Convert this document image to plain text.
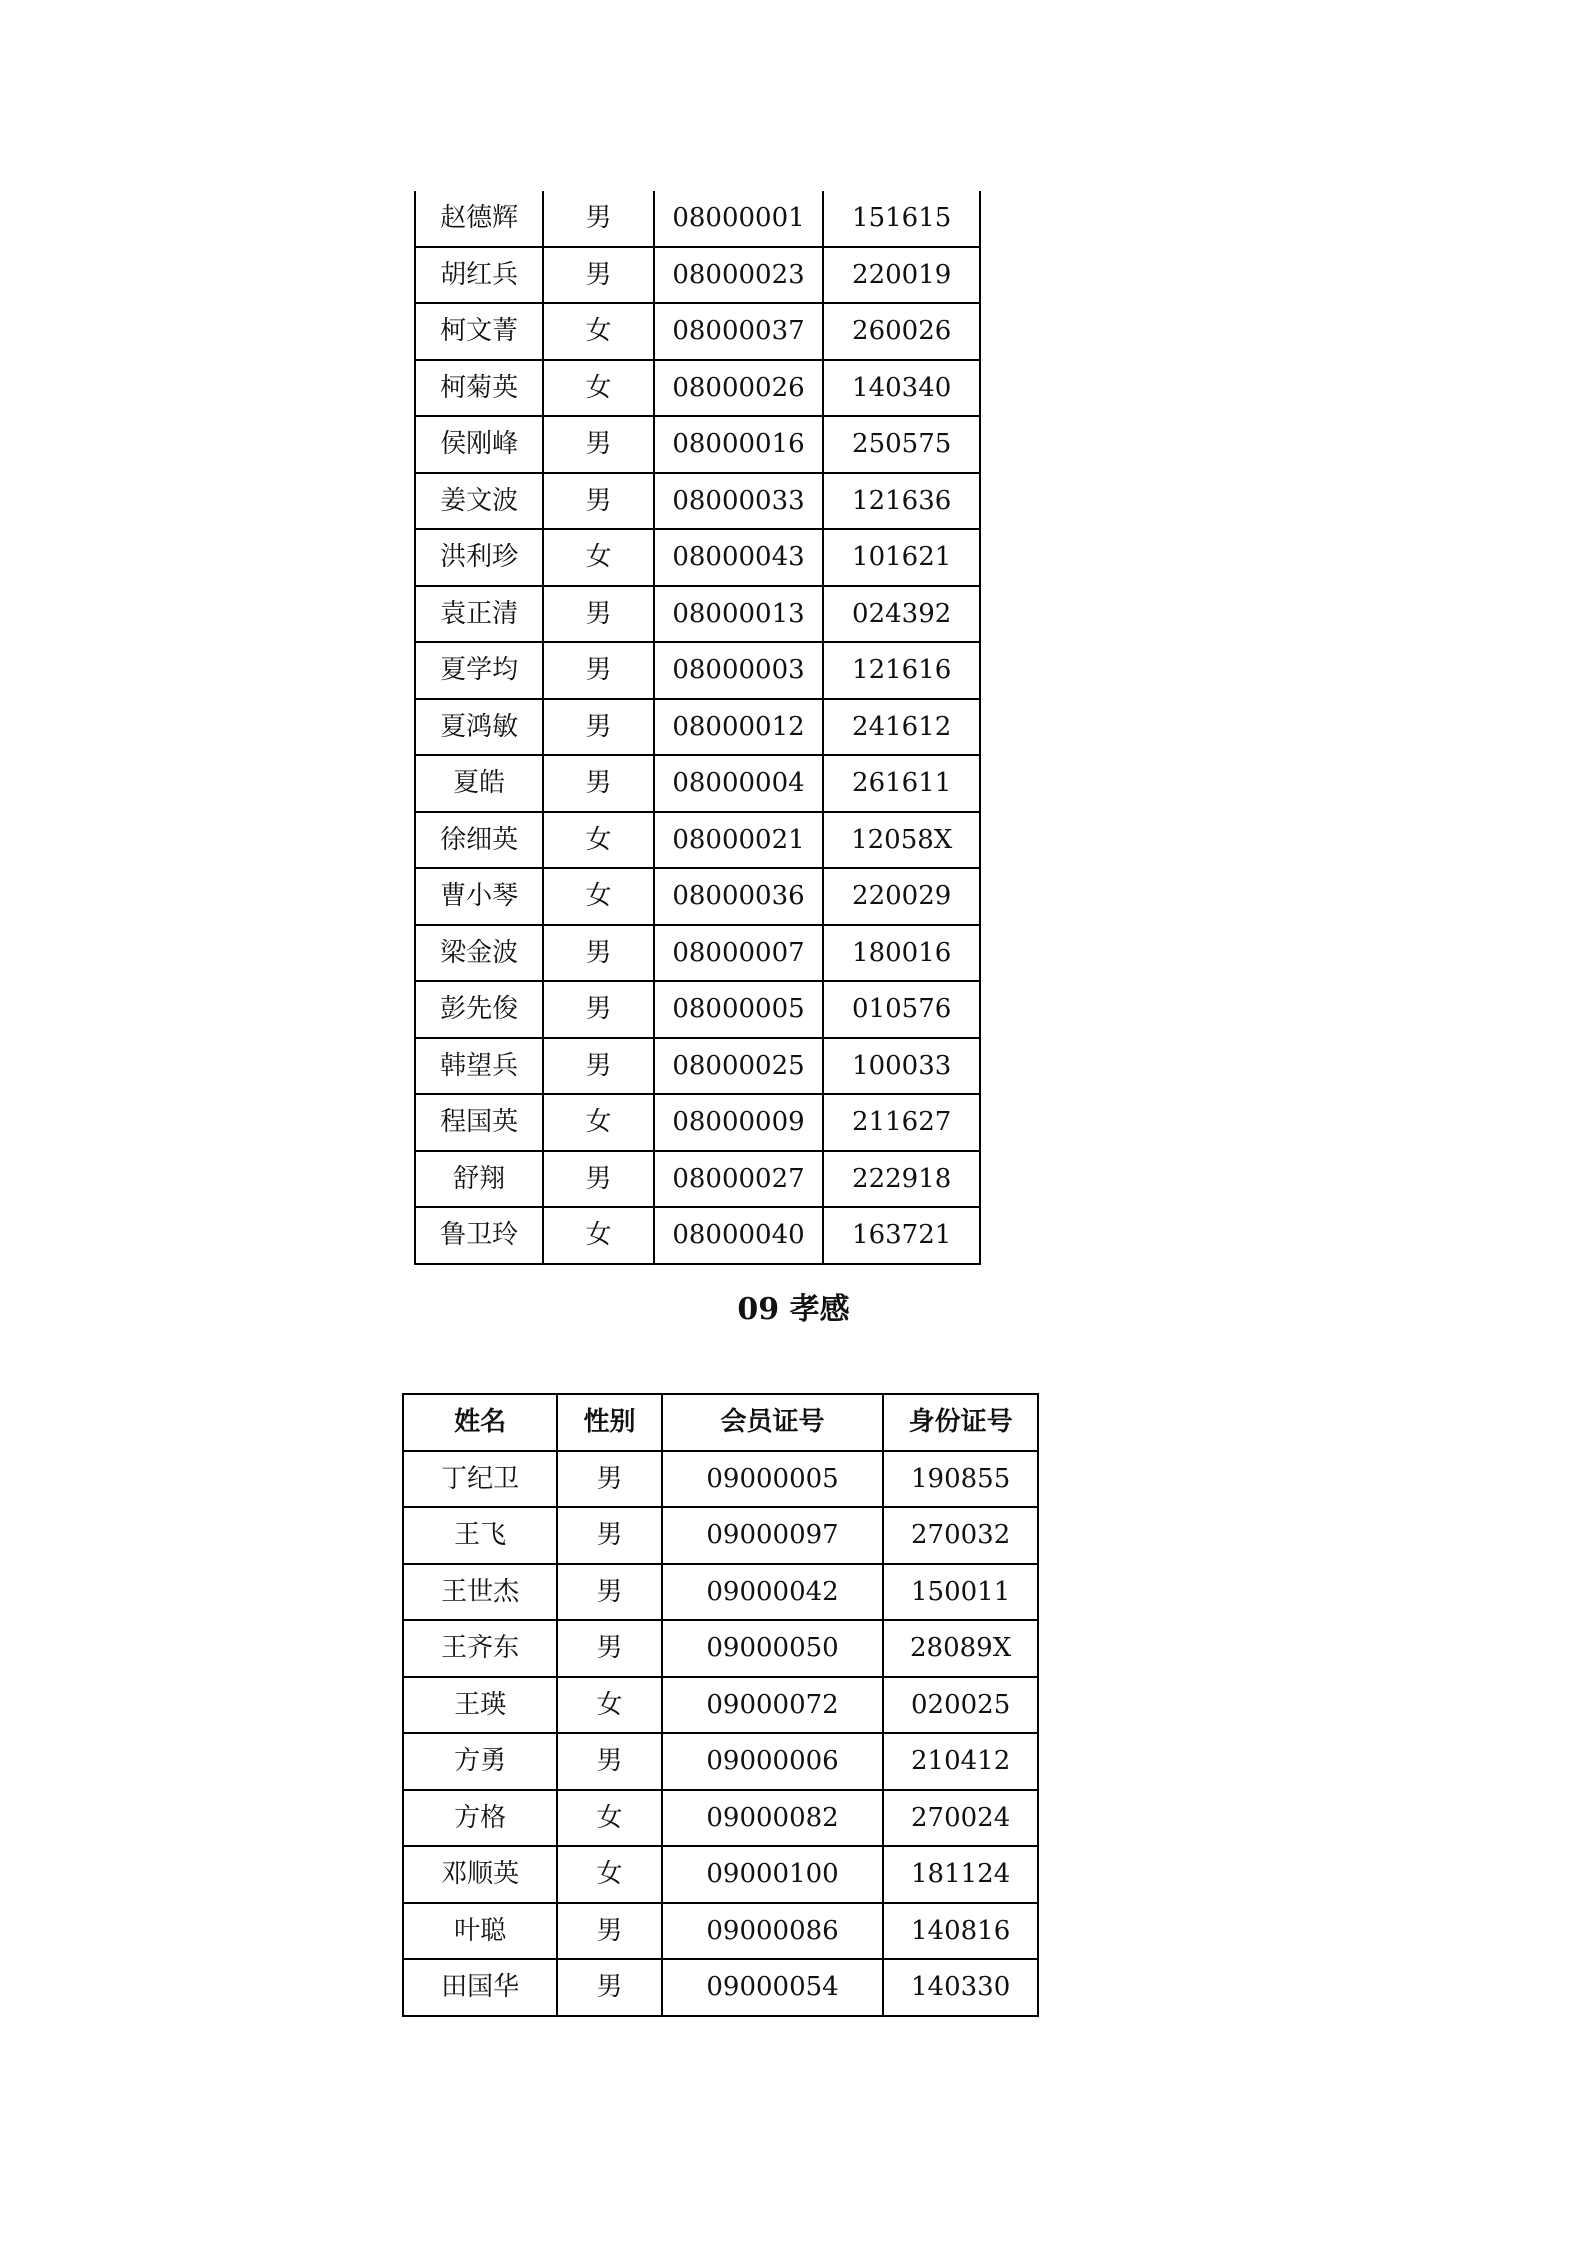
赵德辉	男	08000001	151615
胡红兵	男	08000023	220019
柯文菁	女	08000037	260026
柯菊英	女	08000026	140340
侯刚峰	男	08000016	250575
姜文波	男	08000033	121636
洪利珍	女	08000043	101621
袁正清	男	08000013	024392
夏学均	男	08000003	121616
夏鸿敏	男	08000012	241612
夏皓	男	08000004	261611
徐细英	女	08000021	12058X
曹小琴	女	08000036	220029
梁金波	男	08000007	180016
彭先俊	男	08000005	010576
韩望兵	男	08000025	100033
程国英	女	08000009	211627
舒翔	男	08000027	222918
鲁卫玲	女	08000040	163721
09 孝感
姓名	性别	会员证号	身份证号
丁纪卫	男	09000005	190855
王飞	男	09000097	270032
王世杰	男	09000042	150011
王齐东	男	09000050	28089X
王瑛	女	09000072	020025
方勇	男	09000006	210412
方格	女	09000082	270024
邓顺英	女	09000100	181124
叶聪	男	09000086	140816
田国华	男	09000054	140330
